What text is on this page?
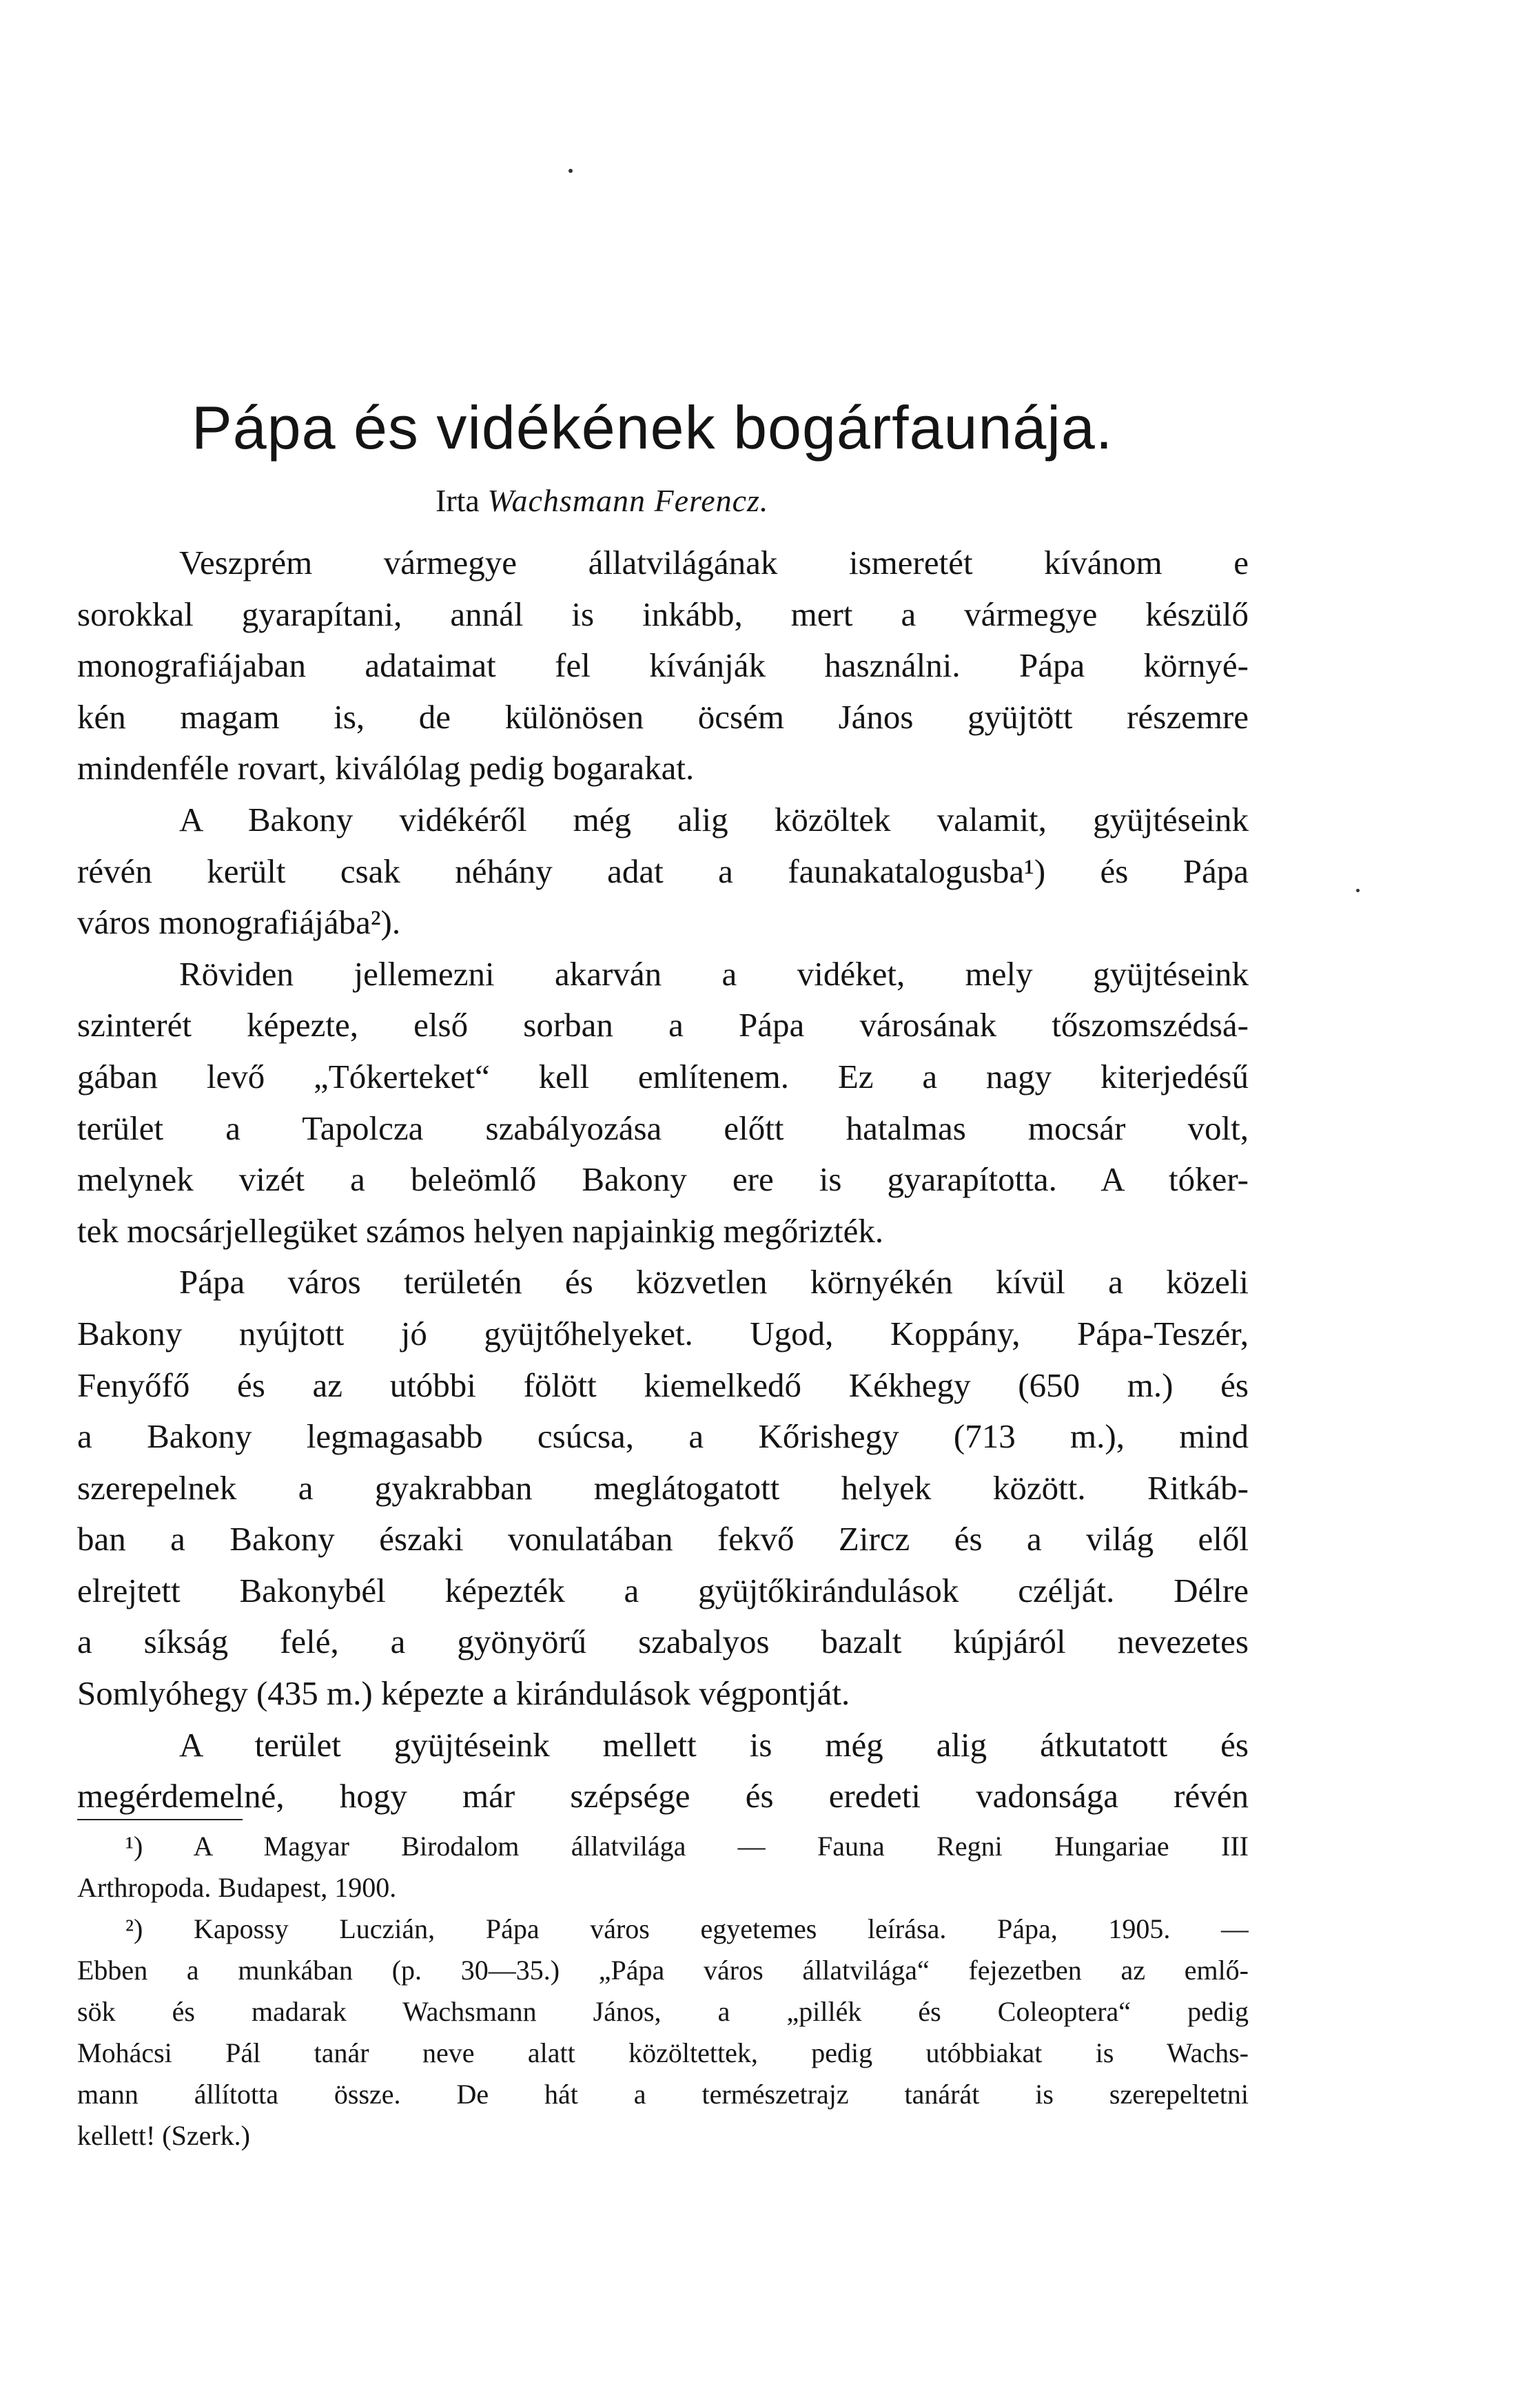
Pápa és vidékének bogárfaunája.
Irta Wachsmann Ferencz.
Veszprém vármegye állatvilágának ismeretét kívánom e
sorokkal gyarapítani, annál is inkább, mert a vármegye készülő
monografiájaban adataimat fel kívánják használni. Pápa környé-
kén magam is, de különösen öcsém János gyüjtött részemre
mindenféle rovart, kiválólag pedig bogarakat.
A Bakony vidékéről még alig közöltek valamit, gyüjtéseink
révén került csak néhány adat a faunakatalogusba¹) és Pápa
város monografiájába²).
Röviden jellemezni akarván a vidéket, mely gyüjtéseink
szinterét képezte, első sorban a Pápa városának tőszomszédsá-
gában levő „Tókerteket“ kell említenem. Ez a nagy kiterjedésű
terület a Tapolcza szabályozása előtt hatalmas mocsár volt,
melynek vizét a beleömlő Bakony ere is gyarapította. A tóker-
tek mocsárjellegüket számos helyen napjainkig megőrizték.
Pápa város területén és közvetlen környékén kívül a közeli
Bakony nyújtott jó gyüjtőhelyeket. Ugod, Koppány, Pápa-Teszér,
Fenyőfő és az utóbbi fölött kiemelkedő Kékhegy (650 m.) és
a Bakony legmagasabb csúcsa, a Kőrishegy (713 m.), mind
szerepelnek a gyakrabban meglátogatott helyek között. Ritkáb-
ban a Bakony északi vonulatában fekvő Zircz és a világ elől
elrejtett Bakonybél képezték a gyüjtőkirándulások czélját. Délre
a síkság felé, a gyönyörű szabalyos bazalt kúpjáról nevezetes
Somlyóhegy (435 m.) képezte a kirándulások végpontját.
A terület gyüjtéseink mellett is még alig átkutatott és
megérdemelné, hogy már szépsége és eredeti vadonsága révén
¹) A Magyar Birodalom állatvilága — Fauna Regni Hungariae III
Arthropoda. Budapest, 1900.
²) Kapossy Luczián, Pápa város egyetemes leírása. Pápa, 1905. —
Ebben a munkában (p. 30—35.) „Pápa város állatvilága“ fejezetben az emlő-
sök és madarak Wachsmann János, a „pillék és Coleoptera“ pedig
Mohácsi Pál tanár neve alatt közöltettek, pedig utóbbiakat is Wachs-
mann állította össze. De hát a természetrajz tanárát is szerepeltetni
kellett! (Szerk.)
